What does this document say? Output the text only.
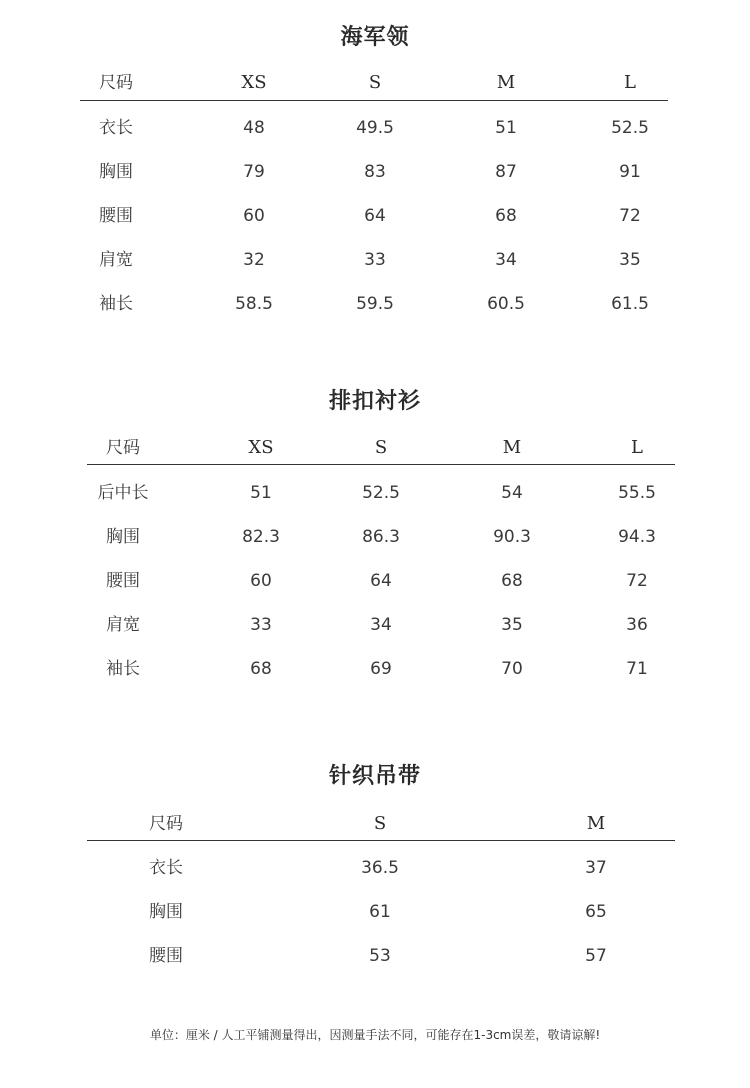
海军领
尺码	XS	S	M	L
衣长	48	49.5	51	52.5
胸围	79	83	87	91
腰围	60	64	68	72
肩宽	32	33	34	35
袖长	58.5	59.5	60.5	61.5
排扣衬衫
尺码	XS	S	M	L
后中长	51	52.5	54	55.5
胸围	82.3	86.3	90.3	94.3
腰围	60	64	68	72
肩宽	33	34	35	36
袖长	68	69	70	71
针织吊带
尺码	S	M
衣长	36.5	37
胸围	61	65
腰围	53	57
单位：厘米 / 人工平铺测量得出，因测量手法不同，可能存在1-3cm误差，敬请谅解!
